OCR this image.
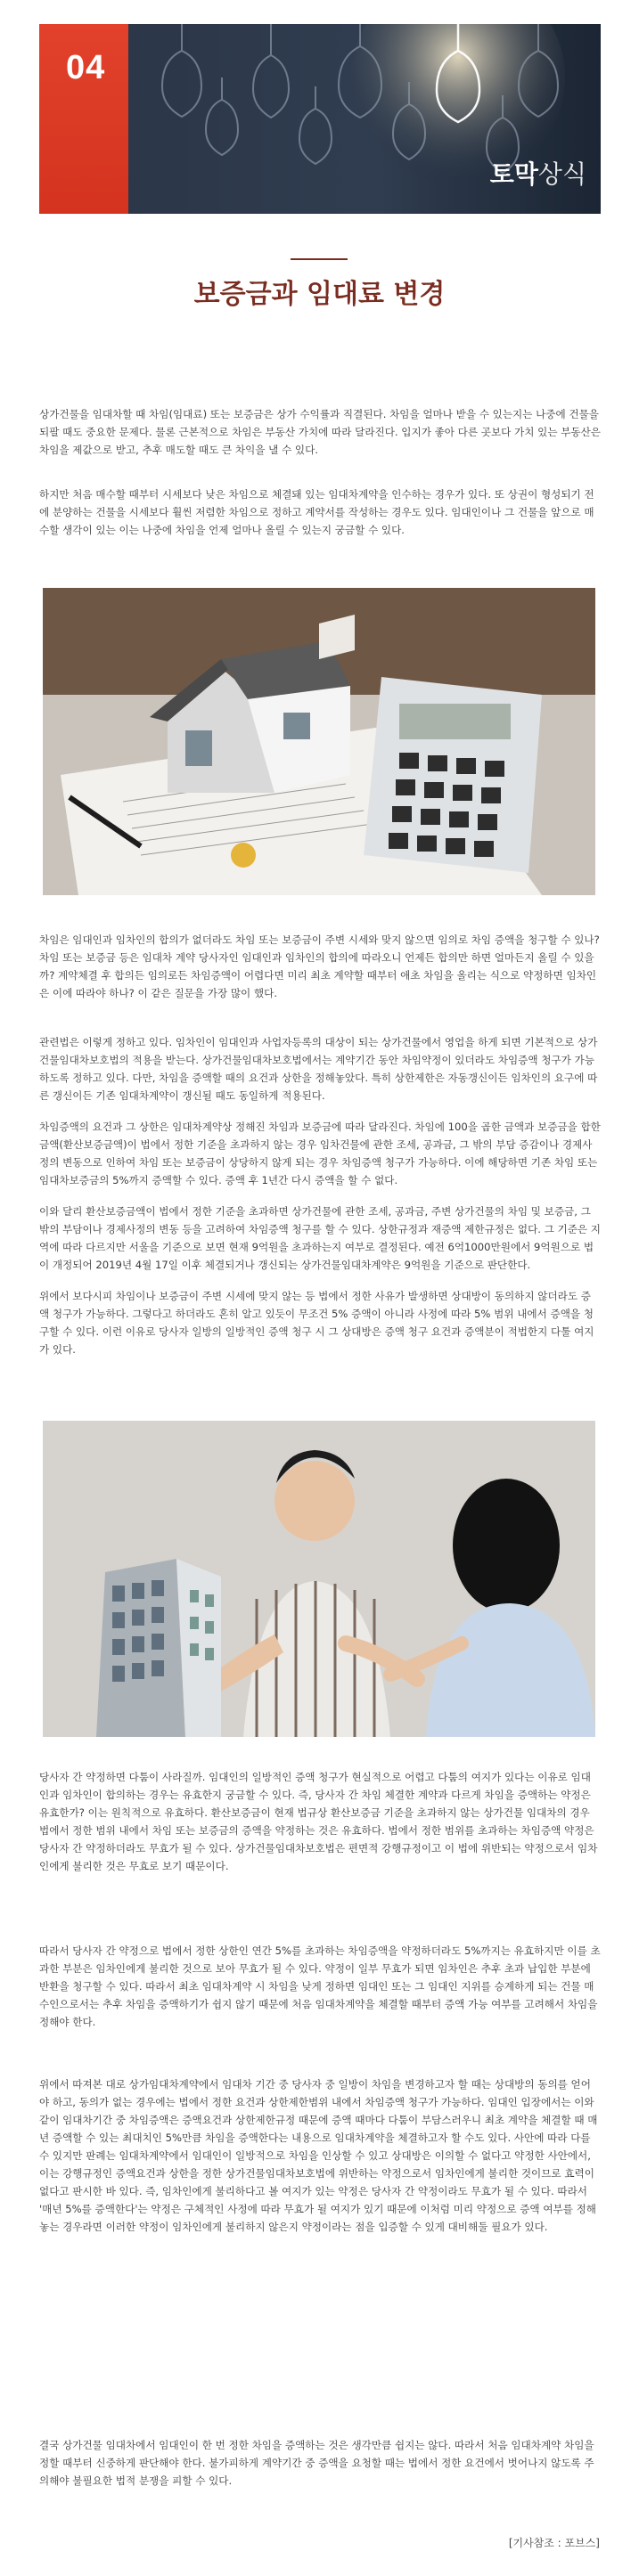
04
토막상식
보증금과 임대료 변경

상가건물을 임대차할 때 차임(임대료) 또는 보증금은 상가 수익률과 직결된다. 차임을 얼마나 받을 수 있는지는 나중에 건물을 되팔 때도 중요한 문제다. 물론 근본적으로 차임은 부동산 가치에 따라 달라진다. 입지가 좋아 다른 곳보다 가치 있는 부동산은 차임을 제값으로 받고, 추후 매도할 때도 큰 차익을 낼 수 있다.

하지만 처음 매수할 때부터 시세보다 낮은 차임으로 체결돼 있는 임대차계약을 인수하는 경우가 있다. 또 상권이 형성되기 전에 분양하는 건물을 시세보다 훨씬 저렴한 차임으로 정하고 계약서를 작성하는 경우도 있다. 임대인이나 그 건물을 앞으로 매수할 생각이 있는 이는 나중에 차임을 언제 얼마나 올릴 수 있는지 궁금할 수 있다.

차임은 임대인과 임차인의 합의가 없더라도 차임 또는 보증금이 주변 시세와 맞지 않으면 임의로 차임 증액을 청구할 수 있나? 차임 또는 보증금 등은 임대차 계약 당사자인 임대인과 임차인의 합의에 따라오니 언제든 합의만 하면 얼마든지 올릴 수 있을까? 계약체결 후 합의든 임의로든 차임증액이 어렵다면 미리 최초 계약할 때부터 애초 차임을 올리는 식으로 약정하면 임차인은 이에 따라야 하나? 이 같은 질문을 가장 많이 했다.

관련법은 이렇게 정하고 있다. 임차인이 임대인과 사업자등록의 대상이 되는 상가건물에서 영업을 하게 되면 기본적으로 상가건물임대차보호법의 적용을 받는다. 상가건물임대차보호법에서는 계약기간 동안 차임약정이 있더라도 차임증액 청구가 가능하도록 정하고 있다. 다만, 차임을 증액할 때의 요건과 상한을 정해놓았다. 특히 상한제한은 자동갱신이든 임차인의 요구에 따른 갱신이든 기존 임대차계약이 갱신될 때도 동일하게 적용된다.

차임증액의 요건과 그 상한은 임대차계약상 정해진 차임과 보증금에 따라 달라진다. 차임에 100을 곱한 금액과 보증금을 합한 금액(환산보증금액)이 법에서 정한 기준을 초과하지 않는 경우 임차건물에 관한 조세, 공과금, 그 밖의 부담 증감이나 경제사정의 변동으로 인하여 차임 또는 보증금이 상당하지 않게 되는 경우 차임증액 청구가 가능하다. 이에 해당하면 기존 차임 또는 임대차보증금의 5%까지 증액할 수 있다. 증액 후 1년간 다시 증액을 할 수 없다.

이와 달리 환산보증금액이 법에서 정한 기준을 초과하면 상가건물에 관한 조세, 공과금, 주변 상가건물의 차임 및 보증금, 그 밖의 부담이나 경제사정의 변동 등을 고려하여 차임증액 청구를 할 수 있다. 상한규정과 재증액 제한규정은 없다. 그 기준은 지역에 따라 다르지만 서울을 기준으로 보면 현재 9억원을 초과하는지 여부로 결정된다. 예전 6억1000만원에서 9억원으로 법이 개정되어 2019년 4월 17일 이후 체결되거나 갱신되는 상가건물임대차계약은 9억원을 기준으로 판단한다.

위에서 보다시피 차임이나 보증금이 주변 시세에 맞지 않는 등 법에서 정한 사유가 발생하면 상대방이 동의하지 않더라도 증액 청구가 가능하다. 그렇다고 하더라도 혼히 알고 있듯이 무조건 5% 증액이 아니라 사정에 따라 5% 범위 내에서 증액을 청구할 수 있다. 이런 이유로 당사자 일방의 일방적인 증액 청구 시 그 상대방은 증액 청구 요건과 증액분이 적법한지 다툴 여지가 있다.

당사자 간 약정하면 다툼이 사라질까. 임대인의 일방적인 증액 청구가 현실적으로 어렵고 다툼의 여지가 있다는 이유로 임대인과 임차인이 합의하는 경우는 유효한지 궁금할 수 있다. 즉, 당사자 간 차임 체결한 계약과 다르게 차임을 증액하는 약정은 유효한가? 이는 원칙적으로 유효하다. 환산보증금이 현재 법규상 환산보증금 기준을 초과하지 않는 상가건물 임대차의 경우 법에서 정한 범위 내에서 차임 또는 보증금의 증액을 약정하는 것은 유효하다. 법에서 정한 범위를 초과하는 차임증액 약정은 당사자 간 약정하더라도 무효가 될 수 있다. 상가건물임대차보호법은 편면적 강행규정이고 이 법에 위반되는 약정으로서 임차인에게 불리한 것은 무효로 보기 때문이다.

따라서 당사자 간 약정으로 법에서 정한 상한인 연간 5%를 초과하는 차임증액을 약정하더라도 5%까지는 유효하지만 이를 초과한 부분은 임차인에게 불리한 것으로 보아 무효가 될 수 있다. 약정이 일부 무효가 되면 임차인은 추후 초과 납입한 부분에 반환을 청구할 수 있다. 따라서 최초 임대차계약 시 차임을 낮게 정하면 임대인 또는 그 임대인 지위를 승계하게 되는 건물 매수인으로서는 추후 차임을 증액하기가 쉽지 않기 때문에 처음 임대차계약을 체결할 때부터 증액 가능 여부를 고려해서 차임을 정해야 한다.

위에서 따져본 대로 상가임대차계약에서 임대차 기간 중 당사자 중 일방이 차임을 변경하고자 할 때는 상대방의 동의를 얻어야 하고, 동의가 없는 경우에는 법에서 정한 요건과 상한제한범위 내에서 차임증액 청구가 가능하다. 임대인 입장에서는 이와 같이 임대차기간 중 차임증액은 증액요건과 상한제한규정 때문에 증액 때마다 다툼이 부담스러우니 최초 계약을 체결할 때 매년 증액할 수 있는 최대치인 5%만큼 차임을 증액한다는 내용으로 임대차계약을 체결하고자 할 수도 있다. 사안에 따라 다를 수 있지만 판례는 임대차계약에서 임대인이 일방적으로 차임을 인상할 수 있고 상대방은 이의할 수 없다고 약정한 사안에서, 이는 강행규정인 증액요건과 상한을 정한 상가건물임대차보호법에 위반하는 약정으로서 임차인에게 불리한 것이므로 효력이 없다고 판시한 바 있다. 즉, 임차인에게 불리하다고 볼 여지가 있는 약정은 당사자 간 약정이라도 무효가 될 수 있다. 따라서 '매년 5%를 증액한다'는 약정은 구체적인 사정에 따라 무효가 될 여지가 있기 때문에 이처럼 미리 약정으로 증액 여부를 정해놓는 경우라면 이러한 약정이 임차인에게 불리하지 않은지 약정이라는 점을 입증할 수 있게 대비해둘 필요가 있다.

결국 상가건물 임대차에서 임대인이 한 번 정한 차임을 증액하는 것은 생각만큼 쉽지는 않다. 따라서 처음 임대차계약 차임을 정할 때부터 신중하게 판단해야 한다. 불가피하게 계약기간 중 증액을 요청할 때는 법에서 정한 요건에서 벗어나지 않도록 주의해야 불필요한 법적 분쟁을 피할 수 있다.

[기사참조 : 포브스]
